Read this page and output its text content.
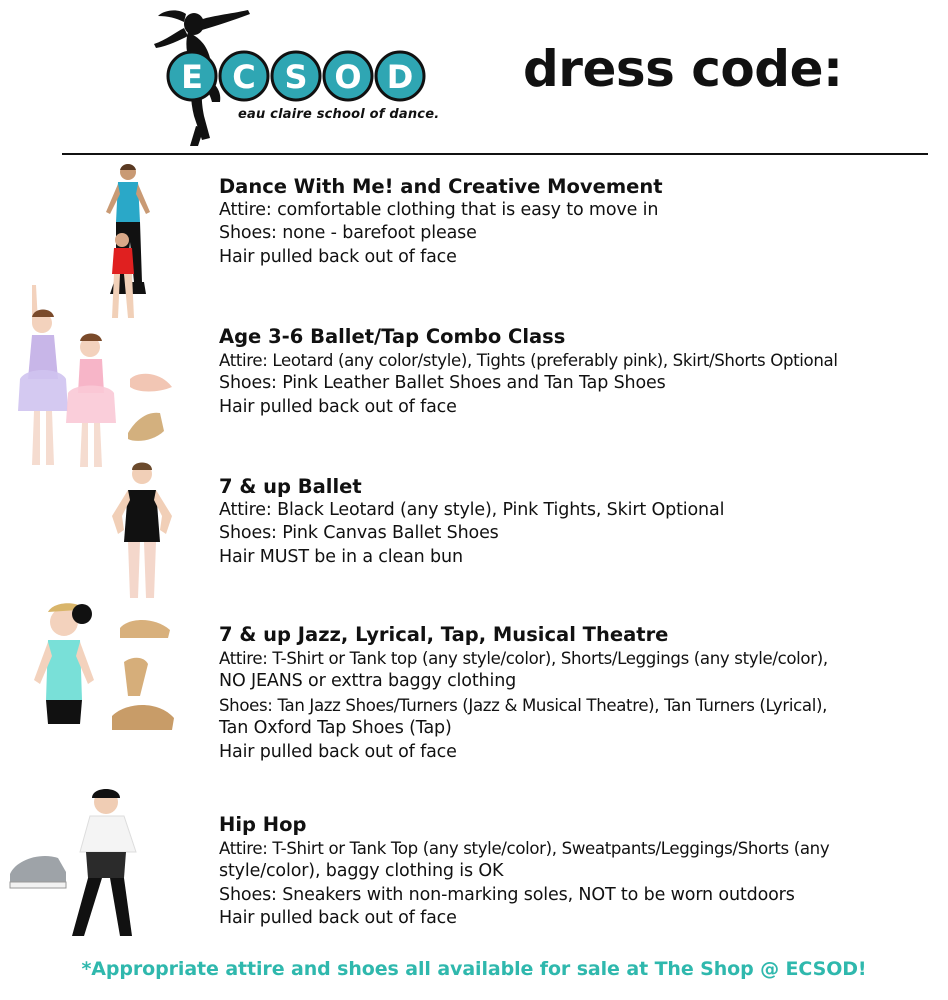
E C S O D
eau claire school of dance.
dress code:
Dance With Me! and Creative Movement
Attire: comfortable clothing that is easy to move in
Shoes: none - barefoot please
Hair pulled back out of face
Age 3-6 Ballet/Tap Combo Class
Attire: Leotard (any color/style), Tights (preferably pink), Skirt/Shorts Optional
Shoes: Pink Leather Ballet Shoes and Tan Tap Shoes
Hair pulled back out of face
7 & up Ballet
Attire: Black Leotard (any style), Pink Tights, Skirt Optional
Shoes: Pink Canvas Ballet Shoes
Hair MUST be in a clean bun
7 & up Jazz, Lyrical, Tap, Musical Theatre
Attire: T-Shirt or Tank top (any style/color), Shorts/Leggings (any style/color),
NO JEANS or exttra baggy clothing
Shoes: Tan Jazz Shoes/Turners (Jazz & Musical Theatre), Tan Turners (Lyrical),
Tan Oxford Tap Shoes (Tap)
Hair pulled back out of face
Hip Hop
Attire: T-Shirt or Tank Top (any style/color), Sweatpants/Leggings/Shorts (any
style/color), baggy clothing is OK
Shoes: Sneakers with non-marking soles, NOT to be worn outdoors
Hair pulled back out of face
*Appropriate attire and shoes all available for sale at The Shop @ ECSOD!
